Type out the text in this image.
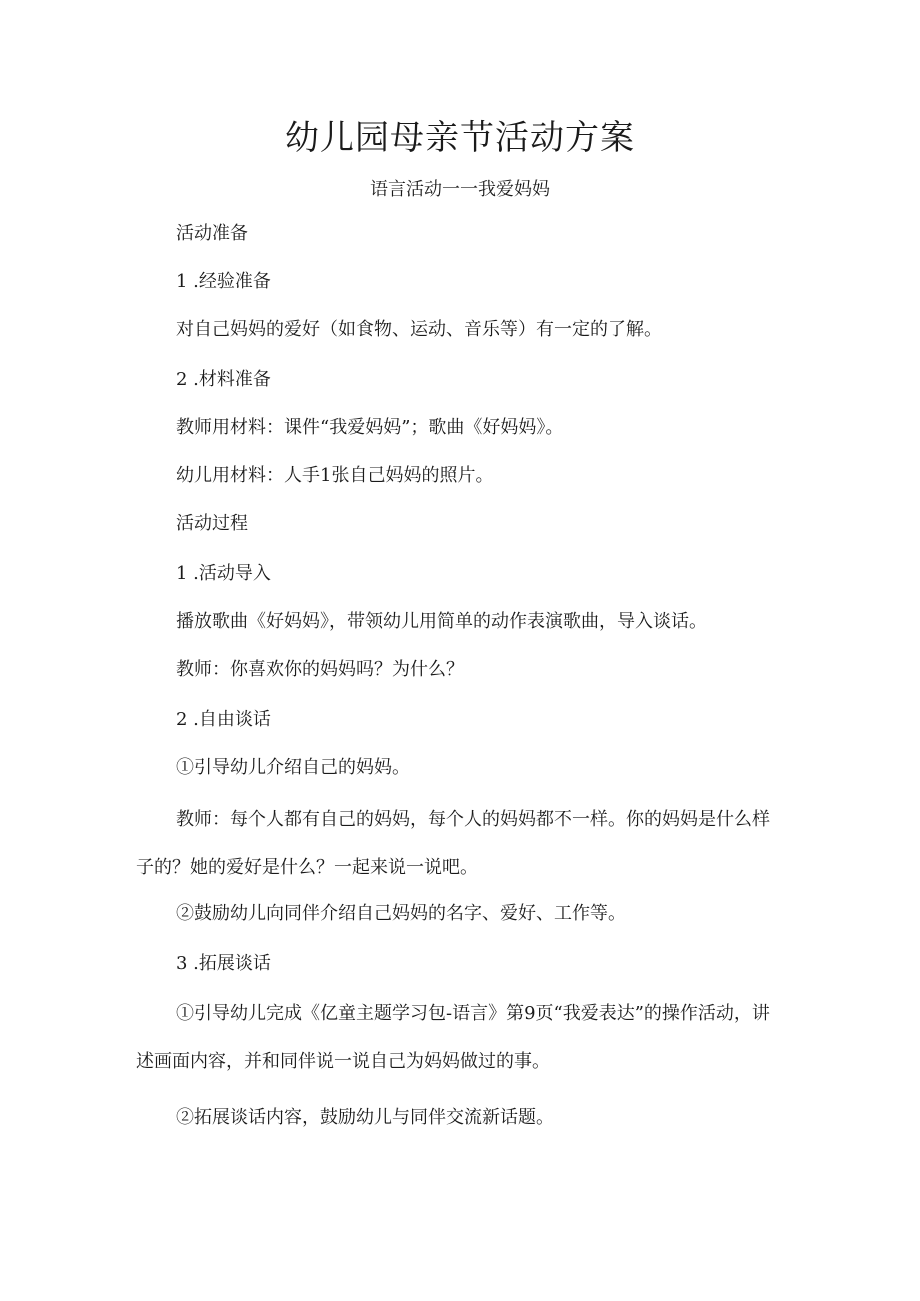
幼儿园母亲节活动方案
语言活动一一我爱妈妈
活动准备
1 .经验准备
对自己妈妈的爱好（如食物、运动、音乐等）有一定的了解。
2 .材料准备
教师用材料：课件“我爱妈妈”；歌曲《好妈妈》。
幼儿用材料：人手1张自己妈妈的照片。
活动过程
1 .活动导入
播放歌曲《好妈妈》，带领幼儿用简单的动作表演歌曲，导入谈话。
教师：你喜欢你的妈妈吗？为什么？
2 .自由谈话
①引导幼儿介绍自己的妈妈。
教师：每个人都有自己的妈妈，每个人的妈妈都不一样。你的妈妈是什么样子的？她的爱好是什么？一起来说一说吧。
②鼓励幼儿向同伴介绍自己妈妈的名字、爱好、工作等。
3 .拓展谈话
①引导幼儿完成《亿童主题学习包-语言》第9页“我爱表达”的操作活动，讲述画面内容，并和同伴说一说自己为妈妈做过的事。
②拓展谈话内容，鼓励幼儿与同伴交流新话题。
